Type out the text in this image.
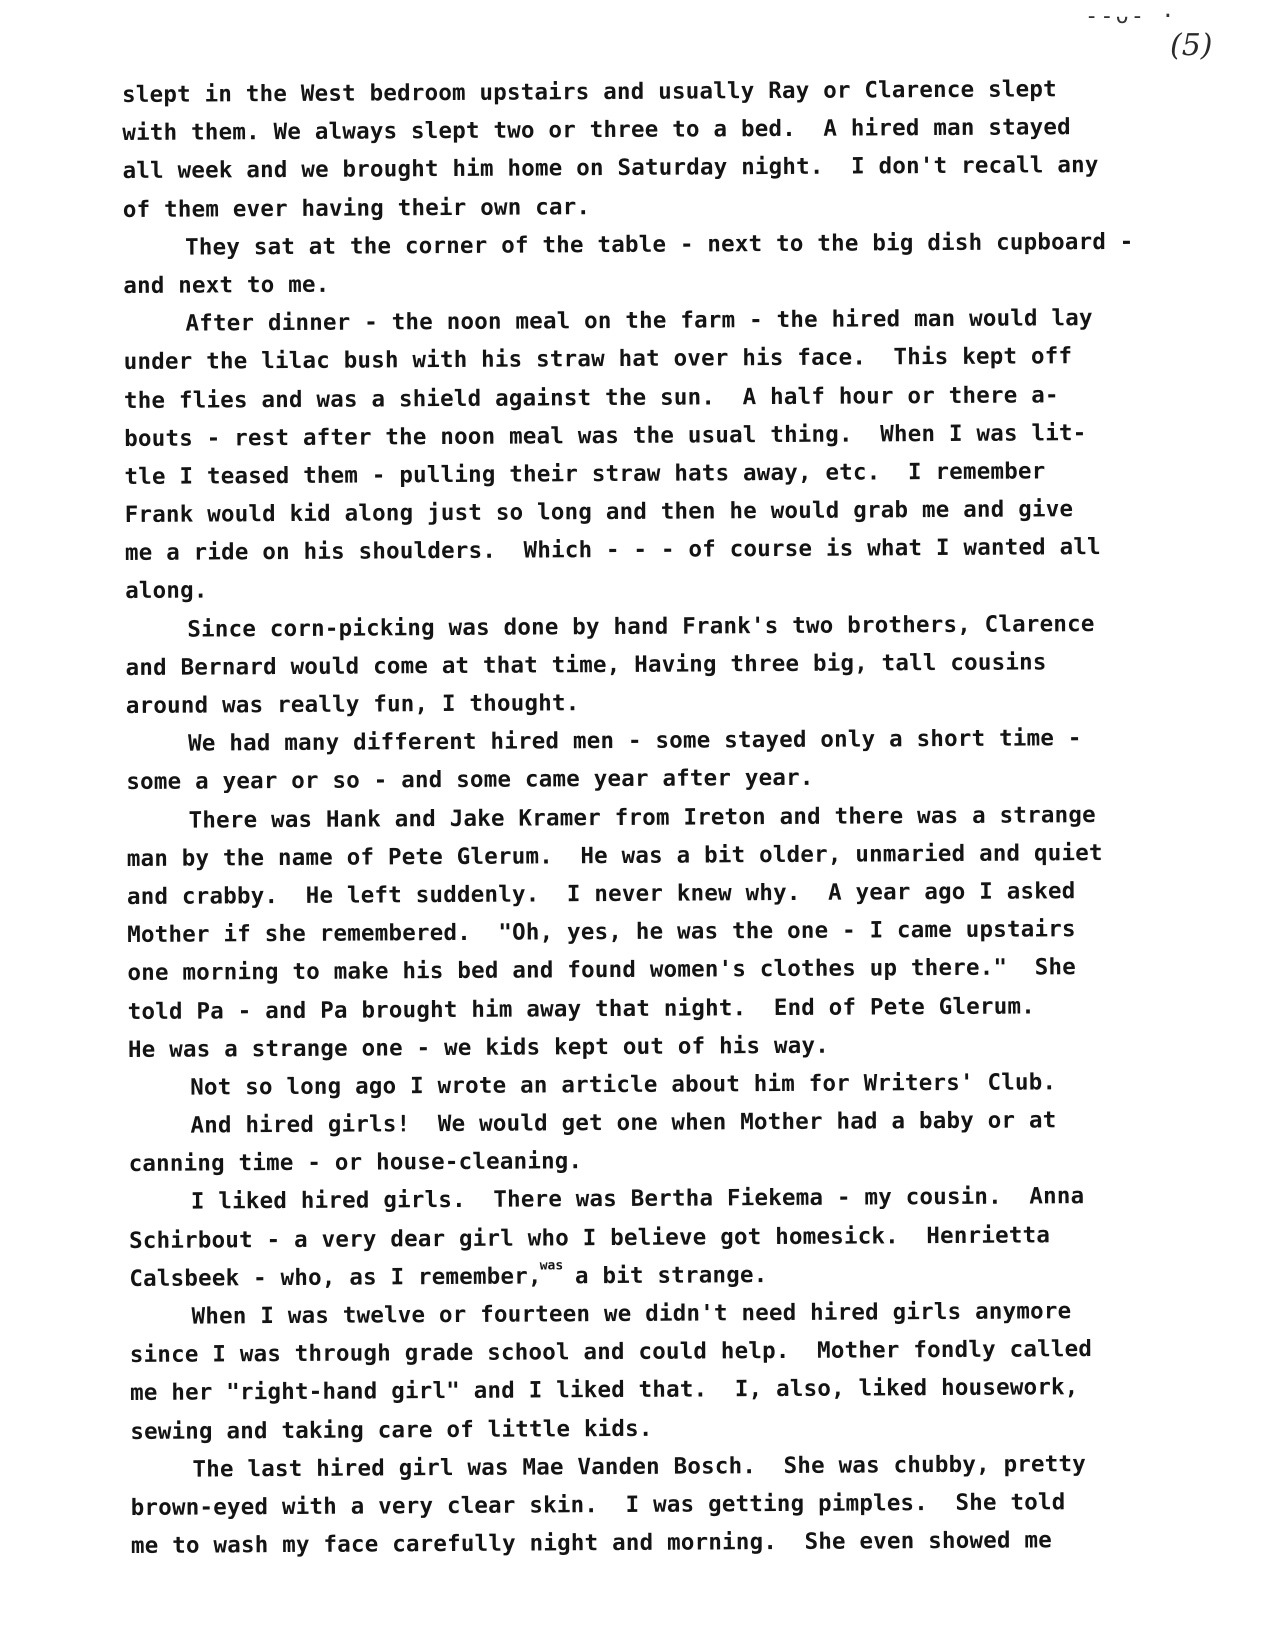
--ᴗ- ·
(5)
slept in the West bedroom upstairs and usually Ray or Clarence slept
with them. We always slept two or three to a bed.  A hired man stayed
all week and we brought him home on Saturday night.  I don't recall any
of them ever having their own car.
They sat at the corner of the table - next to the big dish cupboard -
and next to me.
After dinner - the noon meal on the farm - the hired man would lay
under the lilac bush with his straw hat over his face.  This kept off
the flies and was a shield against the sun.  A half hour or there a-
bouts - rest after the noon meal was the usual thing.  When I was lit-
tle I teased them - pulling their straw hats away, etc.  I remember
Frank would kid along just so long and then he would grab me and give
me a ride on his shoulders.  Which - - - of course is what I wanted all
along.
Since corn-picking was done by hand Frank's two brothers, Clarence
and Bernard would come at that time, Having three big, tall cousins
around was really fun, I thought.
We had many different hired men - some stayed only a short time -
some a year or so - and some came year after year.
There was Hank and Jake Kramer from Ireton and there was a strange
man by the name of Pete Glerum.  He was a bit older, unmaried and quiet
and crabby.  He left suddenly.  I never knew why.  A year ago I asked
Mother if she remembered.  "Oh, yes, he was the one - I came upstairs
one morning to make his bed and found women's clothes up there."  She
told Pa - and Pa brought him away that night.  End of Pete Glerum.
He was a strange one - we kids kept out of his way.
Not so long ago I wrote an article about him for Writers' Club.
And hired girls!  We would get one when Mother had a baby or at
canning time - or house-cleaning.
I liked hired girls.  There was Bertha Fiekema - my cousin.  Anna
Schirbout - a very dear girl who I believe got homesick.  Henrietta
Calsbeek - who, as I remember,$^{was}$ a bit strange.
When I was twelve or fourteen we didn't need hired girls anymore
since I was through grade school and could help.  Mother fondly called
me her "right-hand girl" and I liked that.  I, also, liked housework,
sewing and taking care of little kids.
The last hired girl was Mae Vanden Bosch.  She was chubby, pretty
brown-eyed with a very clear skin.  I was getting pimples.  She told
me to wash my face carefully night and morning.  She even showed me
